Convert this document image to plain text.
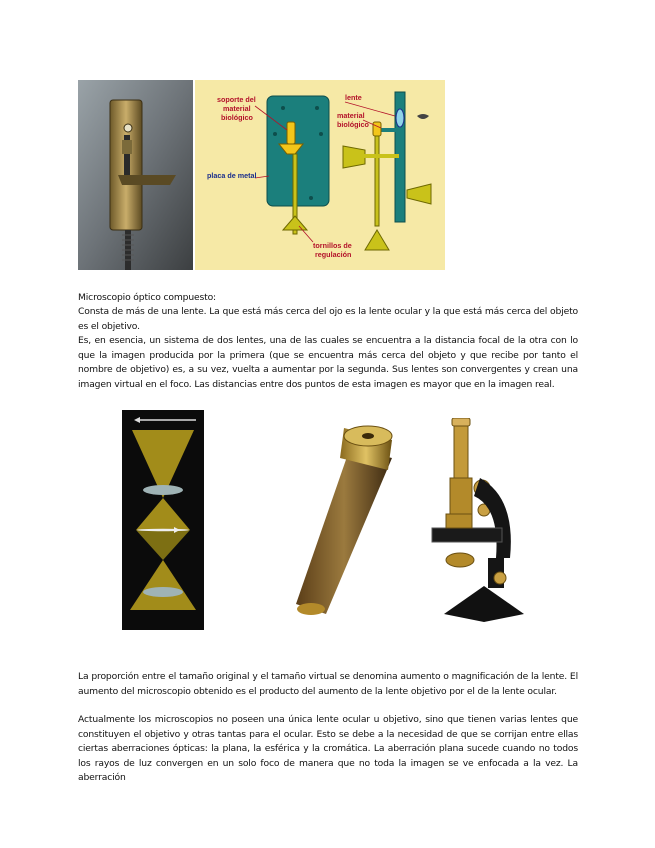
soporte del
material
biológico
lente
material
biológico
placa de metal
tornillos de
regulación
Microscopio óptico compuesto:
Consta de más de una lente. La que está más cerca del ojo es la lente ocular y la que está más cerca del objeto es el objetivo.
Es, en esencia, un sistema de dos lentes, una de las cuales se encuentra a la distancia focal de la otra con lo que la imagen producida por la primera (que se encuentra más cerca del objeto y que recibe por tanto el nombre de objetivo) es, a su vez, vuelta a aumentar por la segunda. Sus lentes son convergentes y crean una imagen virtual en el foco. Las distancias entre dos puntos de esta imagen es mayor que en la imagen real.
La proporción entre el tamaño original y el tamaño virtual se denomina aumento o magnificación de la lente. El aumento del microscopio obtenido es el producto del aumento de la lente objetivo por el de la lente ocular.
Actualmente los microscopios no poseen una única lente ocular u objetivo, sino que tienen varias lentes que constituyen el objetivo y otras tantas para el ocular. Esto se debe a la necesidad de que se corrijan entre ellas ciertas aberraciones ópticas: la plana, la esférica y la cromática. La aberración plana sucede cuando no todos los rayos de luz convergen en un solo foco de manera que no toda la imagen se ve enfocada a la vez. La aberración
